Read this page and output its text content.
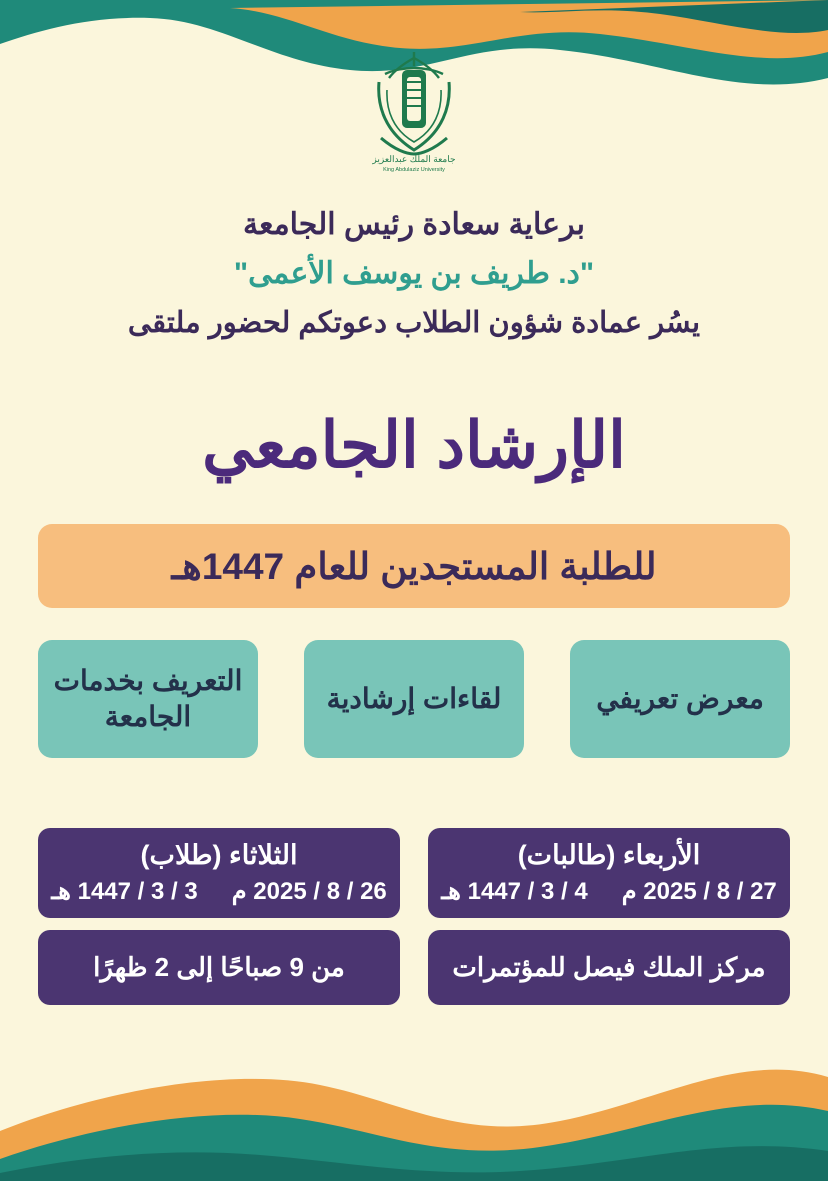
جامعة الملك عبدالعزيز
King Abdulaziz University
برعاية سعادة رئيس الجامعة
"د. طريف بن يوسف الأعمى"
يسُر عمادة شؤون الطلاب دعوتكم لحضور ملتقى
الإرشاد الجامعي
للطلبة المستجدين للعام 1447هـ
التعريف بخدمات الجامعة
لقاءات إرشادية	معرض تعريفي
الثلاثاء (طلاب)
3 / 3 / 1447 هـ 26 / 8 / 2025 م
الأربعاء (طالبات)
4 / 3 / 1447 هـ 27 / 8 / 2025 م
من 9 صباحًا إلى 2 ظهرًا	مركز الملك فيصل للمؤتمرات
